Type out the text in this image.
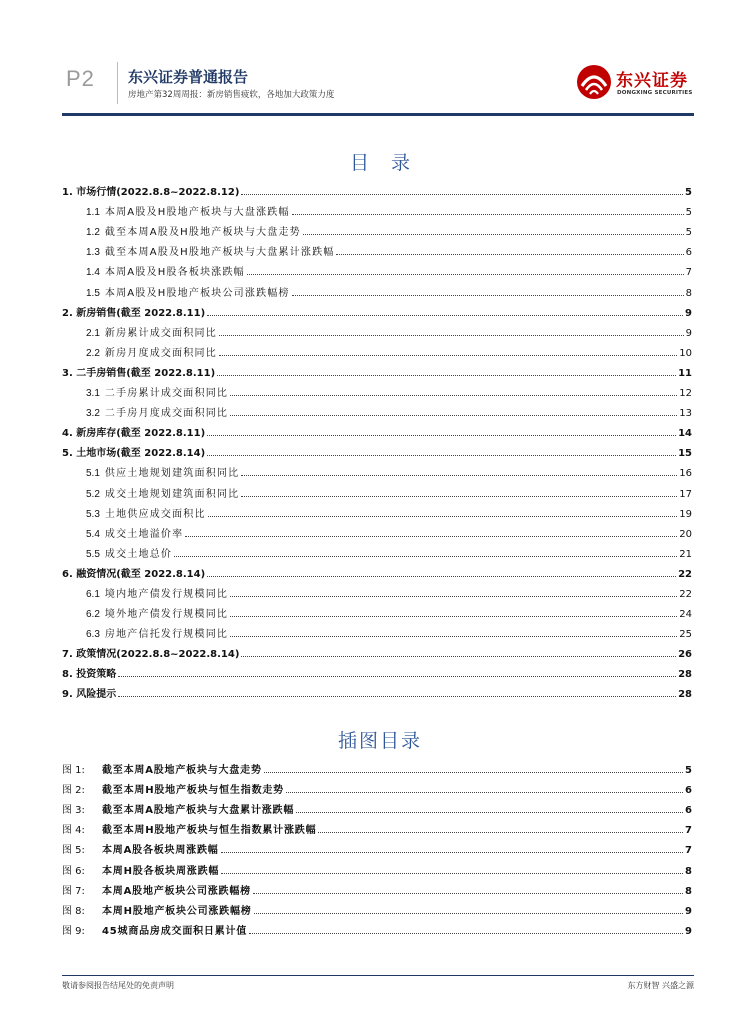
P2 东兴证券普通报告
房地产第32周周报：新房销售疲软，各地加大政策力度
东兴证券
DONGXING SECURITIES
目 录
1. 市场行情(2022.8.8~2022.8.12)	5
1.1 本周A股及H股地产板块与大盘涨跌幅	5
1.2 截至本周A股及H股地产板块与大盘走势	5
1.3 截至本周A股及H股地产板块与大盘累计涨跌幅	6
1.4 本周A股及H股各板块涨跌幅	7
1.5 本周A股及H股地产板块公司涨跌幅榜	8
2. 新房销售(截至 2022.8.11)	9
2.1 新房累计成交面积同比	9
2.2 新房月度成交面积同比	10
3. 二手房销售(截至 2022.8.11)	11
3.1 二手房累计成交面积同比	12
3.2 二手房月度成交面积同比	13
4. 新房库存(截至 2022.8.11)	14
5. 土地市场(截至 2022.8.14)	15
5.1 供应土地规划建筑面积同比	16
5.2 成交土地规划建筑面积同比	17
5.3 土地供应成交面积比	19
5.4 成交土地溢价率	20
5.5 成交土地总价	21
6. 融资情况(截至 2022.8.14)	22
6.1 境内地产债发行规模同比	22
6.2 境外地产债发行规模同比	24
6.3 房地产信托发行规模同比	25
7. 政策情况(2022.8.8~2022.8.14)	26
8. 投资策略	28
9. 风险提示	28
插图目录
图 1: 截至本周A股地产板块与大盘走势	5
图 2: 截至本周H股地产板块与恒生指数走势	6
图 3: 截至本周A股地产板块与大盘累计涨跌幅	6
图 4: 截至本周H股地产板块与恒生指数累计涨跌幅	7
图 5: 本周A股各板块周涨跌幅	7
图 6: 本周H股各板块周涨跌幅	8
图 7: 本周A股地产板块公司涨跌幅榜	8
图 8: 本周H股地产板块公司涨跌幅榜	9
图 9: 45城商品房成交面积日累计值	9
敬请参阅报告结尾处的免责声明	东方财智 兴盛之源
